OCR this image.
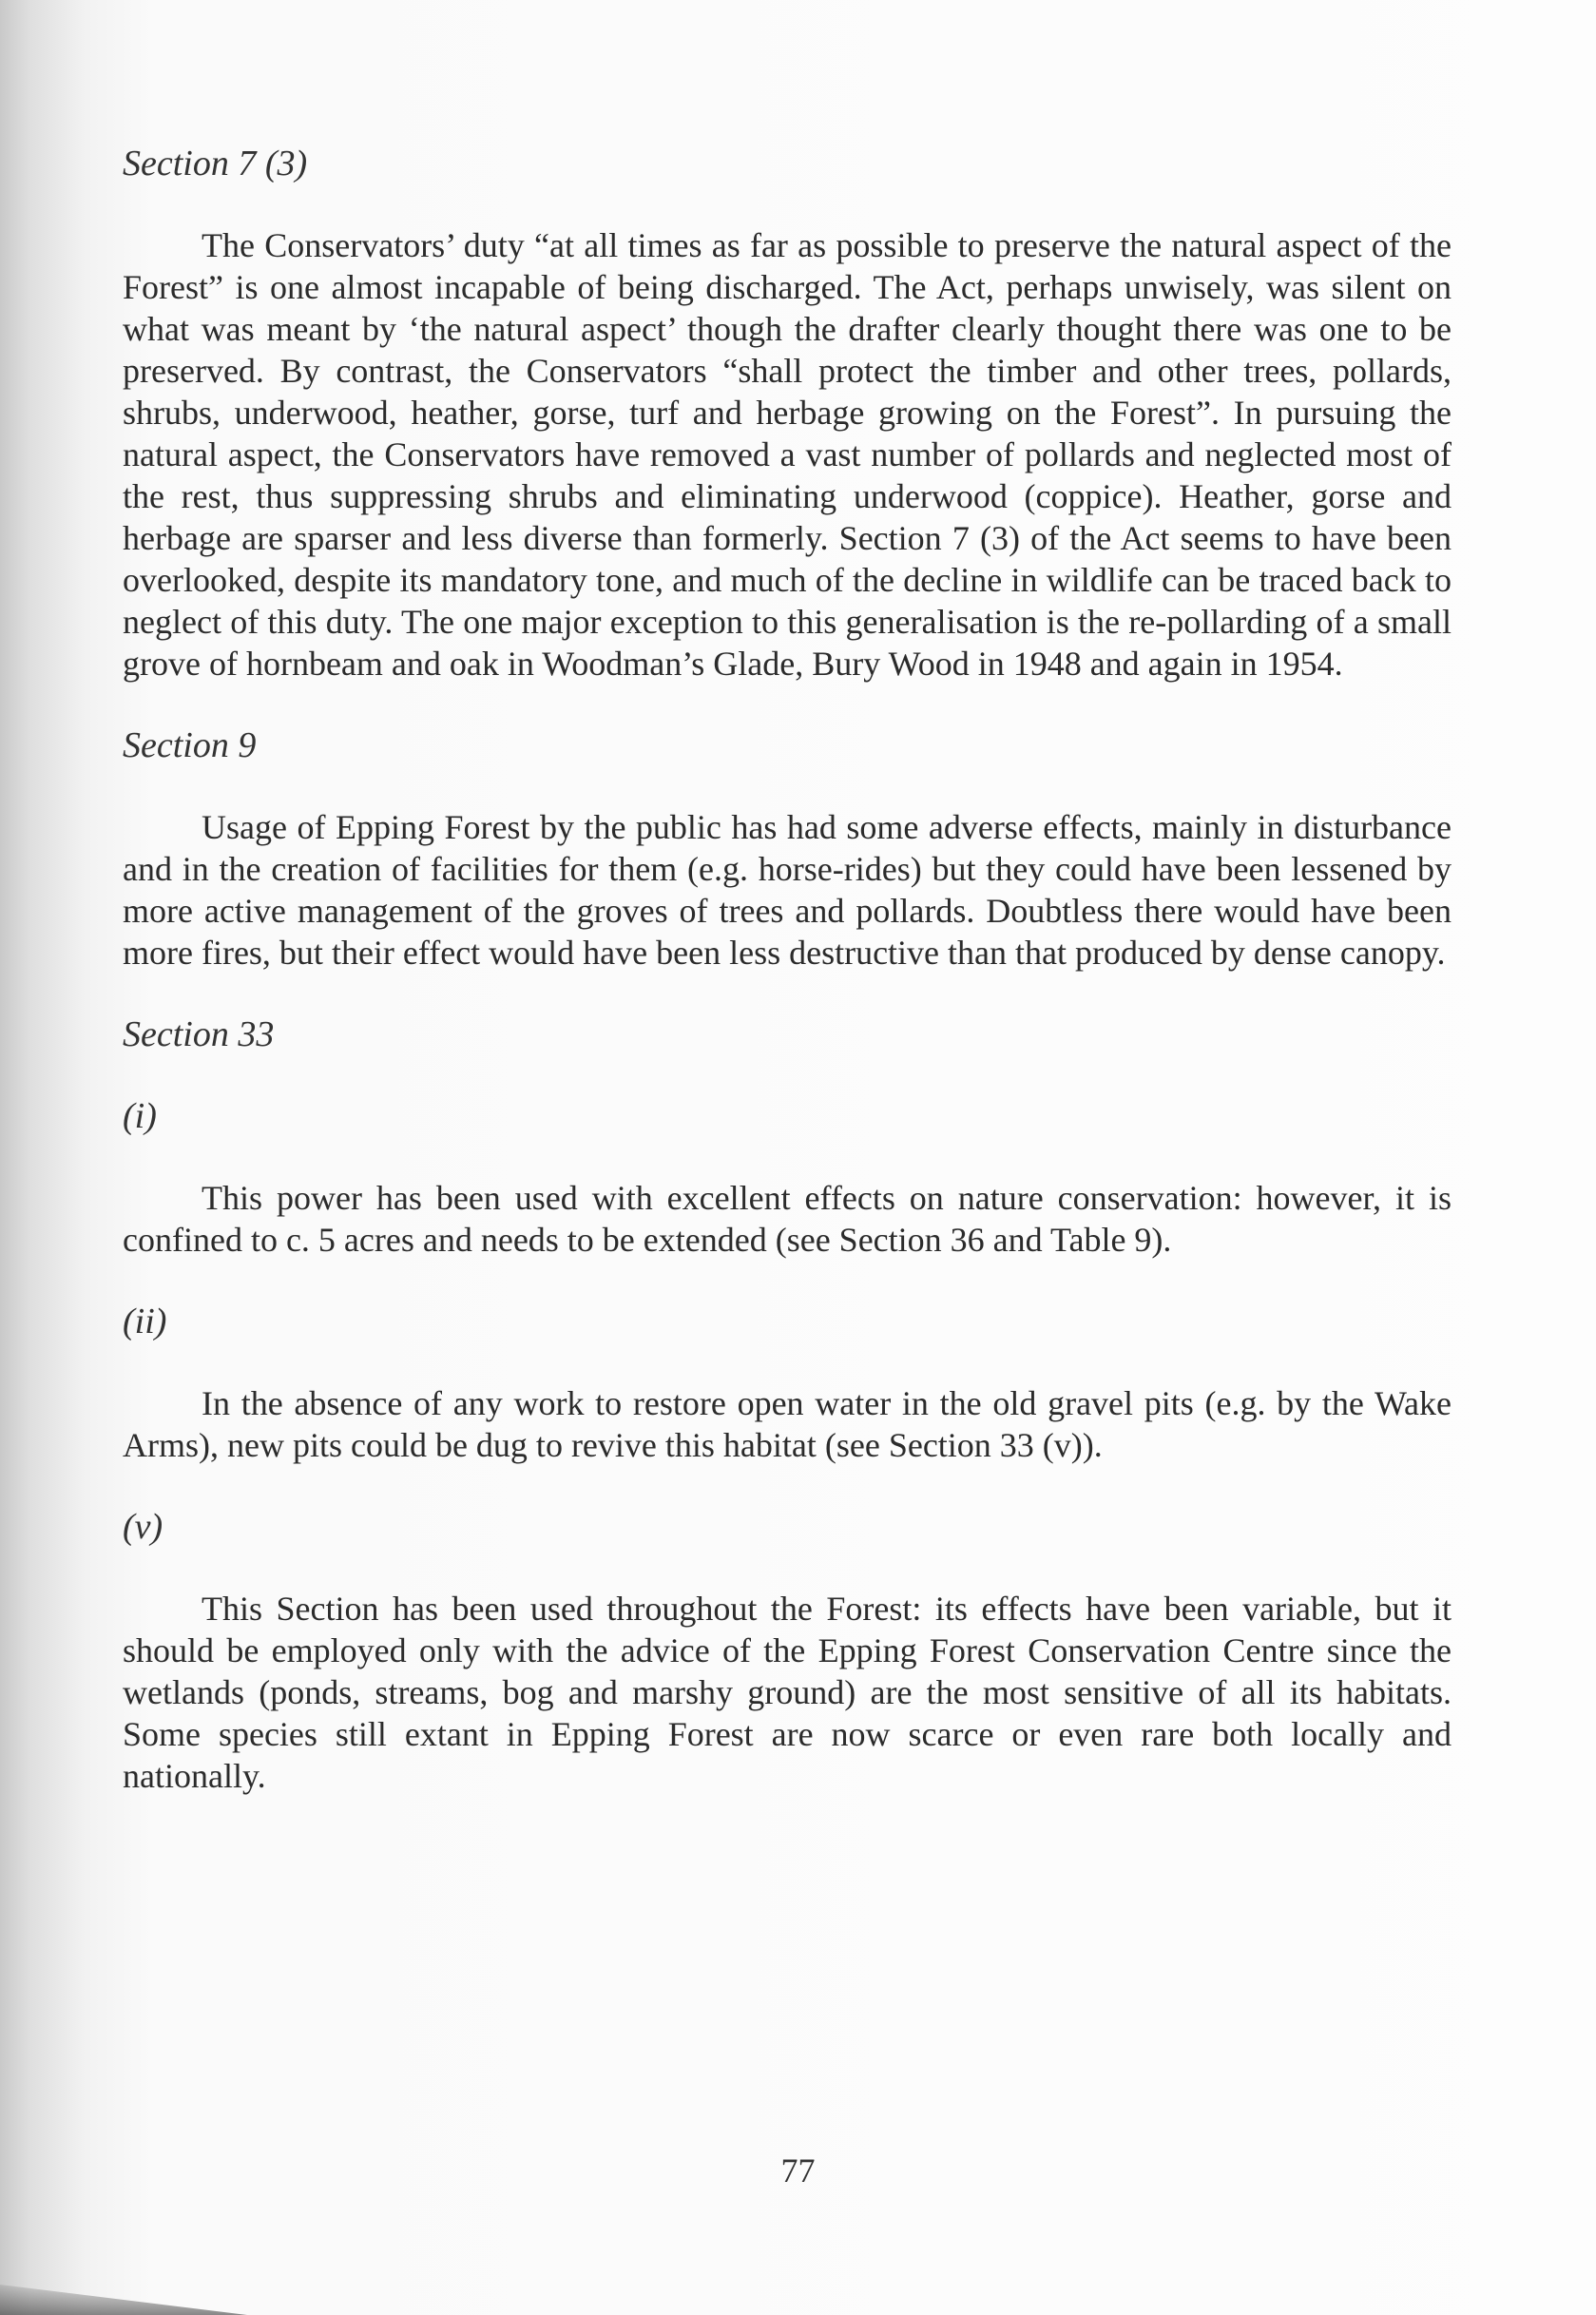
Section 7 (3)

The Conservators’ duty “at all times as far as possible to preserve the natural aspect of the Forest” is one almost incapable of being discharged. The Act, perhaps unwisely, was silent on what was meant by ‘the natural aspect’ though the drafter clearly thought there was one to be preserved. By contrast, the Conservators “shall protect the timber and other trees, pollards, shrubs, underwood, heather, gorse, turf and herbage growing on the Forest”. In pursuing the natural aspect, the Conservators have removed a vast number of pollards and neglected most of the rest, thus suppressing shrubs and eliminating underwood (coppice). Heather, gorse and herbage are sparser and less diverse than formerly. Section 7 (3) of the Act seems to have been overlooked, despite its mandatory tone, and much of the decline in wildlife can be traced back to neglect of this duty. The one major exception to this generalisation is the re-pollarding of a small grove of hornbeam and oak in Woodman’s Glade, Bury Wood in 1948 and again in 1954.

Section 9

Usage of Epping Forest by the public has had some adverse effects, mainly in disturbance and in the creation of facilities for them (e.g. horse-rides) but they could have been lessened by more active management of the groves of trees and pollards. Doubtless there would have been more fires, but their effect would have been less destructive than that produced by dense canopy.

Section 33
(i)

This power has been used with excellent effects on nature conservation: however, it is confined to c. 5 acres and needs to be extended (see Section 36 and Table 9).

(ii)

In the absence of any work to restore open water in the old gravel pits (e.g. by the Wake Arms), new pits could be dug to revive this habitat (see Section 33 (v)).

(v)

This Section has been used throughout the Forest: its effects have been variable, but it should be employed only with the advice of the Epping Forest Conservation Centre since the wetlands (ponds, streams, bog and marshy ground) are the most sensitive of all its habitats. Some species still extant in Epping Forest are now scarce or even rare both locally and nationally.

77
